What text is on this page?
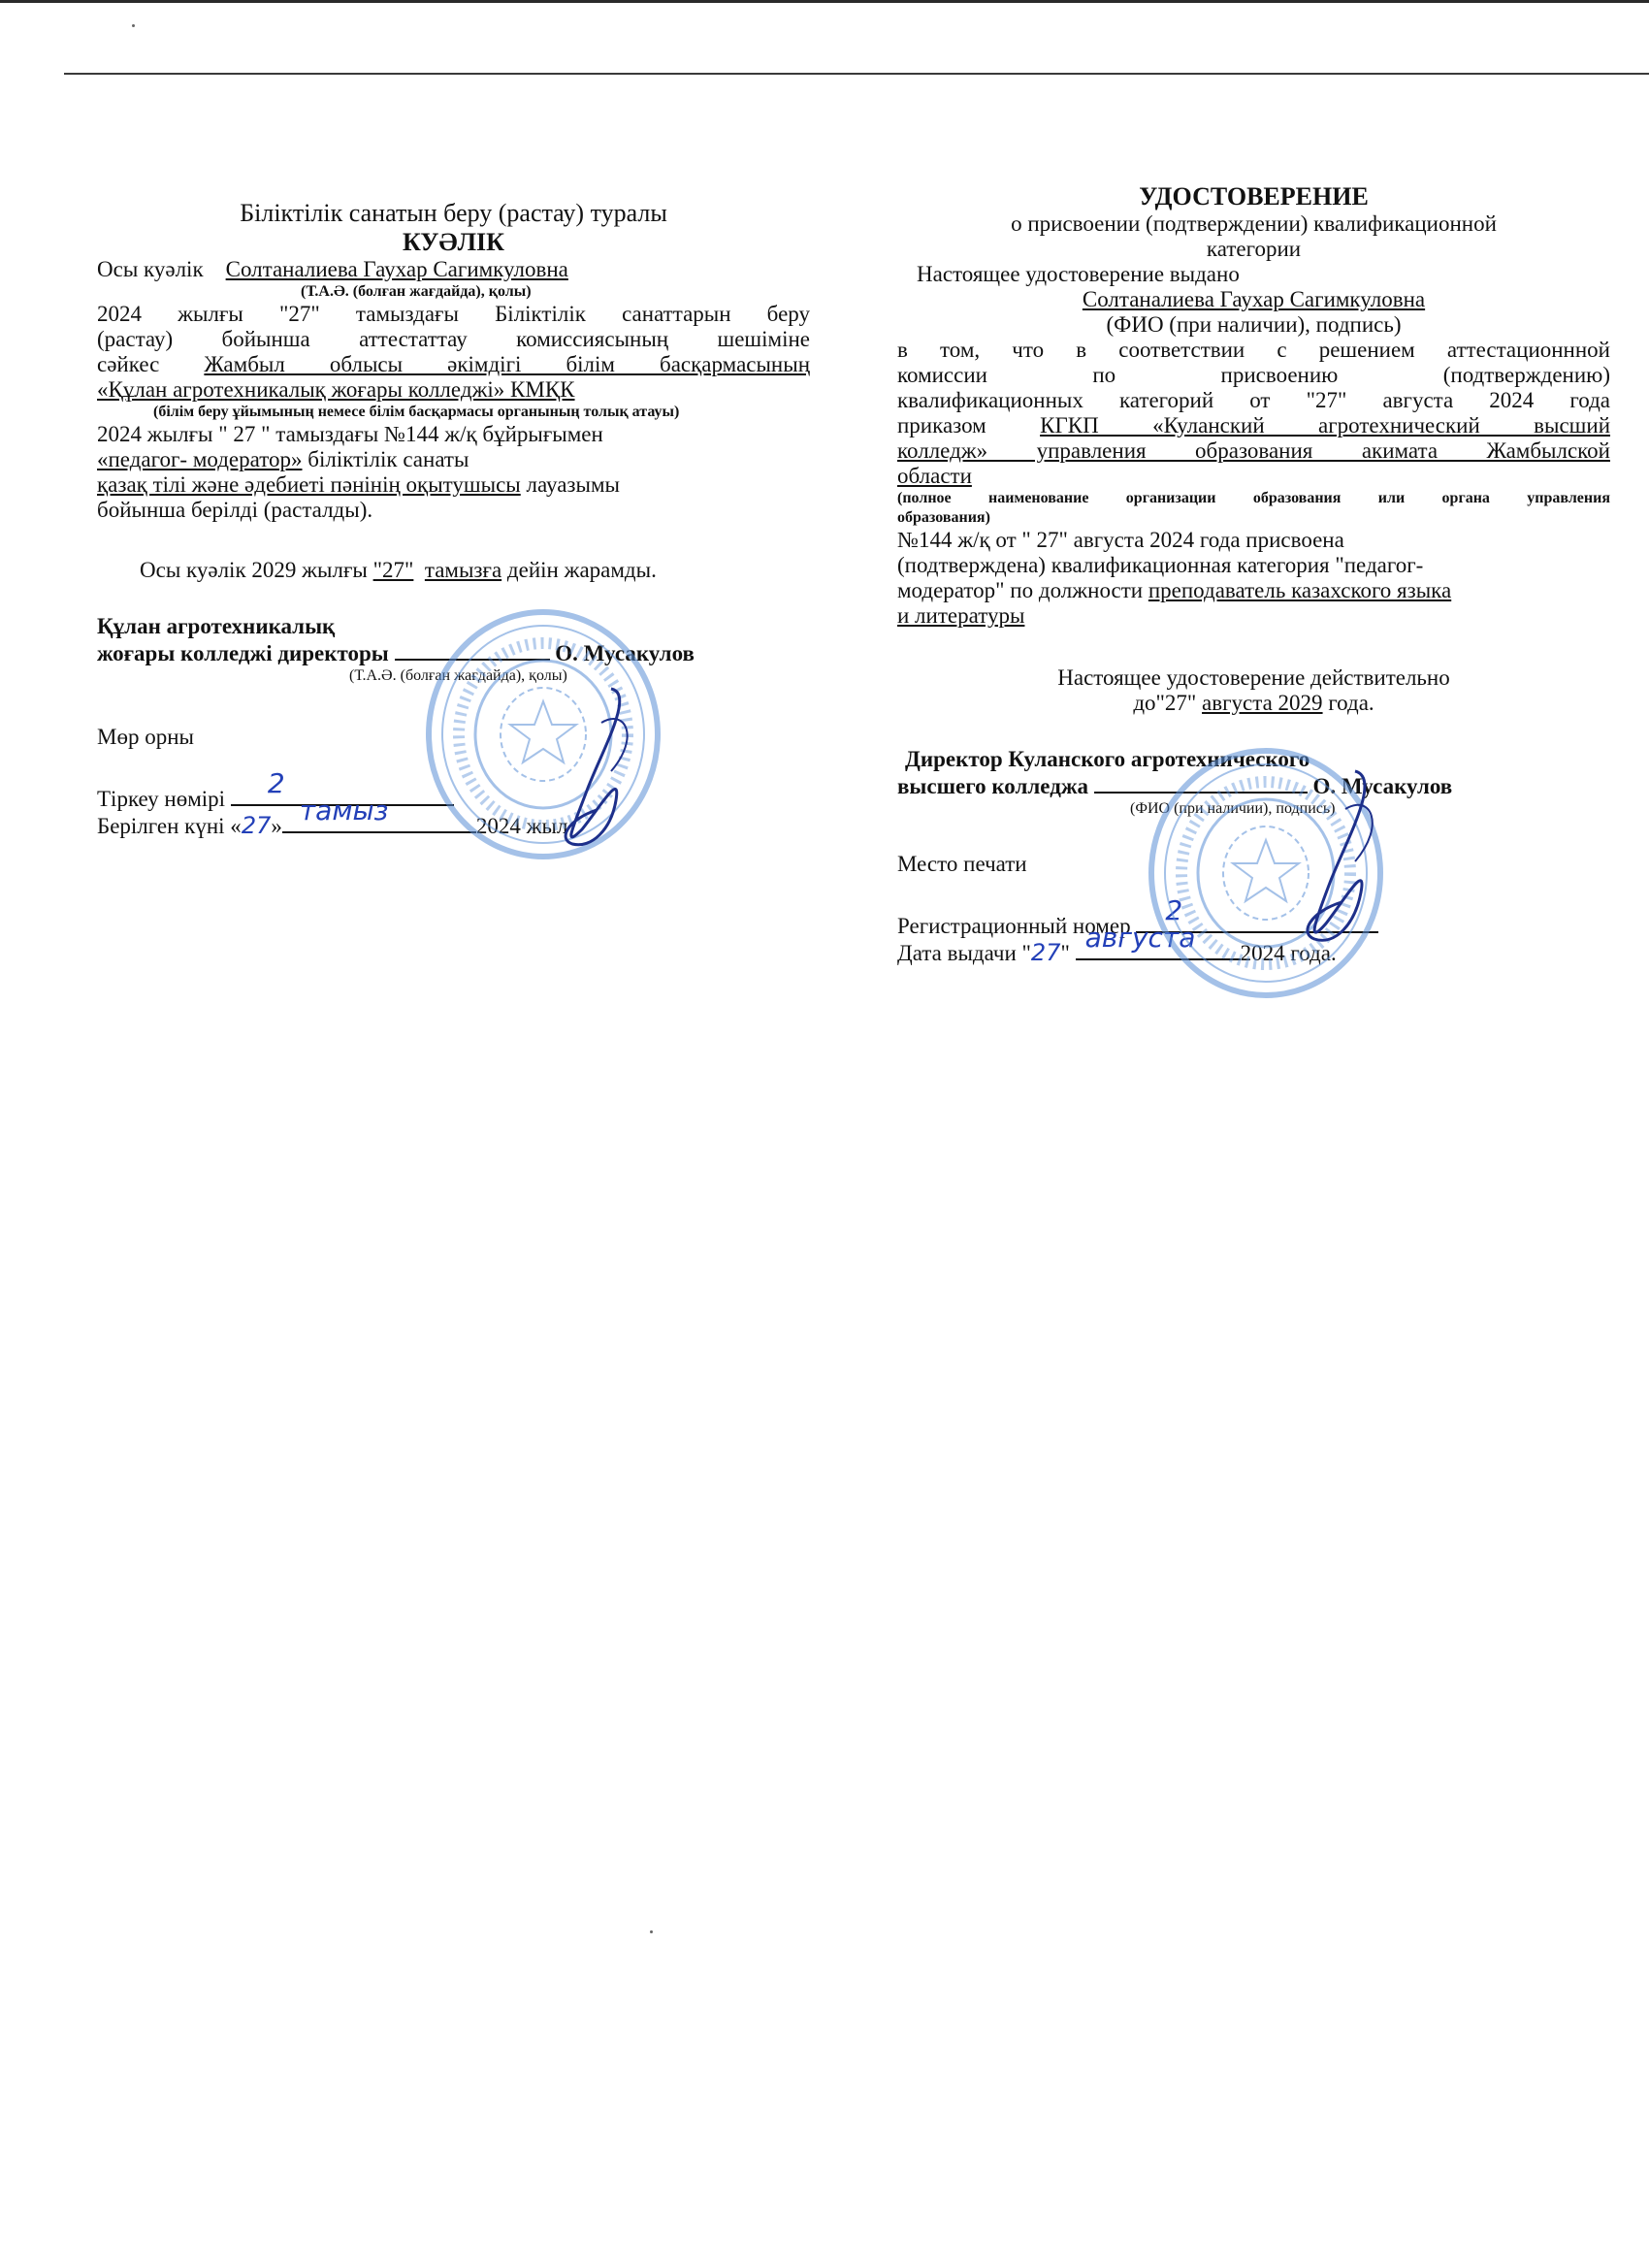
Біліктілік санатын беру (растау) туралы
КУӘЛІК
Осы куәлік Солтаналиева Гаухар Сагимкуловна
(Т.А.Ә. (болған жағдайда), қолы)
2024 жылғы "27" тамыздағы Біліктілік санаттарын беру
(растау) бойынша аттестаттау комиссиясының шешіміне
сәйкес Жамбыл облысы әкімдігі білім басқармасының
«Құлан агротехникалық жоғары колледжі» КМҚК
(білім беру ұйымының немесе білім басқармасы органының толық атауы)
2024 жылғы " 27 " тамыздағы №144 ж/қ бұйрығымен
«педагог- модератор» біліктілік санаты
қазақ тілі және әдебиеті пәнінің оқытушысы лауазымы
бойынша берілді (расталды).
Осы куәлік 2029 жылғы "27" тамызға дейін жарамды.
Құлан агротехникалық
жоғары колледжі директоры	О. Мусакулов
(Т.А.Ә. (болған жағдайда), қолы)
Мөр орны
Тіркеу нөмірі 2
Берілген күні «27» тамыз	2024 жыл
УДОСТОВЕРЕНИЕ
о присвоении (подтверждении) квалификационной
категории
Настоящее удостоверение выдано
Солтаналиева Гаухар Сагимкуловна
(ФИО (при наличии), подпись)
в том, что в соответствии с решением аттестационнной
комиссии по присвоению (подтверждению)
квалификационных категорий от "27" августа 2024 года
приказом КГКП «Куланский агротехнический высший
колледж» управления образования акимата Жамбылской
области
(полное наименование организации образования или органа управления
образования)
№144 ж/қ от " 27" августа 2024 года присвоена
(подтверждена) квалификационная категория "педагог-
модератор" по должности преподаватель казахского языка
и литературы
Настоящее удостоверение действительно
до"27" августа 2029 года.
Директор Куланского агротехнического
высшего колледжа	О. Мусакулов
(ФИО (при наличии), подпись)
Место печати
Регистрационный номер 2
Дата выдачи "27" августа 2024 года.
